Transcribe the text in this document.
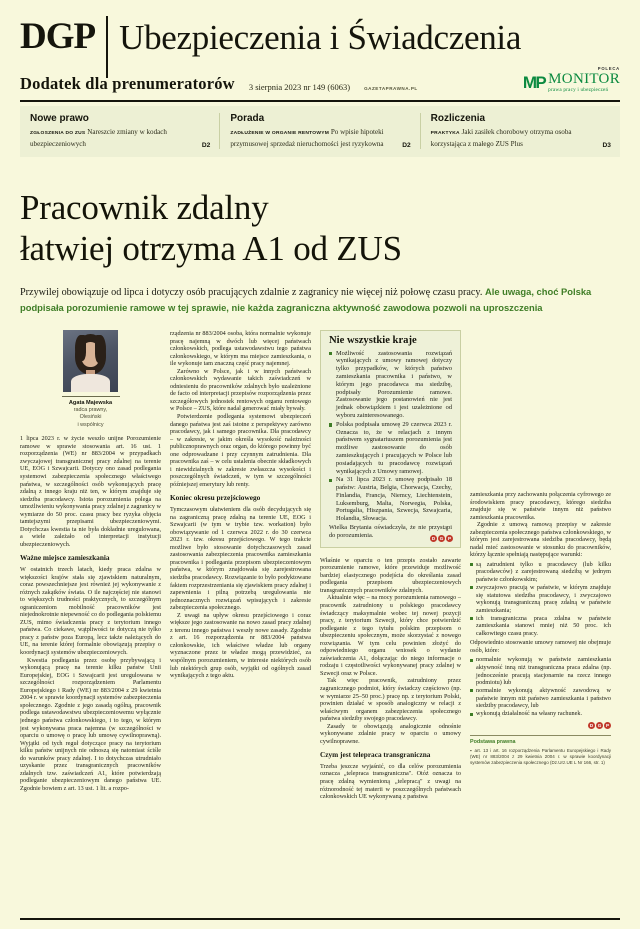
DGP Ubezpieczenia i Świadczenia
Dodatek dla prenumeratorów 3 sierpnia 2023 nr 149 (6063)	GAZETAPRAWNA.PL
POLECA
MP MONITOR
prawa pracy i ubezpieczeń
Nowe prawo
ZGŁOSZENIA DO ZUS Nareszcie zmiany w kodach ubezpieczeniowych	D2
Porada
ZADŁUŻENIE W ORGANIE RENTOWYM Po wpisie hipoteki przymusowej sprzedaż nieruchomości jest ryzykowna	D2
Rozliczenia
PRAKTYKA Jaki zasiłek chorobowy otrzyma osoba korzystająca z małego ZUS Plus	D3
Pracownik zdalny
łatwiej otrzyma A1 od ZUS
Przywilej obowiązuje od lipca i dotyczy osób pracujących zdalnie z zagranicy nie więcej niż połowę czasu pracy. Ale uwaga, choć Polska podpisała porozumienie ramowe w tej sprawie, nie każda zagraniczna aktywność zawodowa pozwoli na uproszczenia
Agata Majewska
radca prawny,
Olesiński
i wspólnicy

1 lipca 2023 r. w życie weszło unijne Porozumienie ramowe w sprawie stosowania art. 16 ust. 1 rozporządzenia (WE) nr 883/2004 w przypadkach zwyczajowej transgranicznej pracy zdalnej na terenie UE, EOG i Szwajcarii. Dotyczy ono zasad podlegania systemowi zabezpieczenia społecznego właściwego państwa, w szczególności osób wykonujących pracę zdalną z innego kraju niż ten, w którym znajduje się siedziba pracodawcy. Istota porozumienia polega na umożliwieniu wykonywania pracy zdalnej z zagranicy w wymiarze do 50 proc. czasu pracy bez ryzyka objęcia tamtejszymi przepisami ubezpieczeniowymi. Dotychczas kwestia ta nie była dokładnie uregulowana, a wiele zależało od interpretacji instytucji ubezpieczeniowych.

Ważne miejsce zamieszkania

W ostatnich trzech latach, kiedy praca zdalna w większości krajów stała się zjawiskiem naturalnym, coraz powszechniejsze jest również jej wykonywanie z różnych zakątków świata. O ile najczęściej nie stanowi to większych trudności praktycznych, to szczególnym ograniczeniom mobilność pracowników jest niejednokrotnie niepewność co do podlegania polskiemu ZUS, mimo świadczenia pracy z terytorium innego państwa. Co ciekawe, wątpliwości te dotyczą nie tylko pracy z państw poza Europą, lecz także należących do UE, na terenie której formalnie obowiązują przepisy o koordynacji systemów ubezpieczeniowych.

Kwestia podlegania przez osobę przybywającą i wykonującą pracę na terenie kilku państw Unii Europejskiej, EOG i Szwajcarii jest uregulowana w szczególności rozporządzeniem Parlamentu Europejskiego i Rady (WE) nr 883/2004 z 29 kwietnia 2004 r. w sprawie koordynacji systemów zabezpieczenia społecznego. Zgodnie z jego zasadą ogólną, pracownik podlega ustawodawstwu ubezpieczeniowemu wyłącznie jednego państwa członkowskiego, i to tego, w którym jest wykonywana praca najemna (w szczególności w oparciu o umowę o pracę lub umowę cywilnoprawną). Wyjątki od tych reguł dotyczące pracy na terytorium kilku państw unijnych nie odnoszą się natomiast ściśle do warunków pracy zdalnej. I to dotychczas utrudniało uzyskanie przez transgranicznych pracowników zdalnych tzw. zaświadczeń A1, które potwierdzają podleganie ubezpieczeniowym danego państwa UE. Zgodnie bowiem z art. 13 ust. 1 lit. a rozpo-

rządzenia nr 883/2004 osoba, która normalnie wykonuje pracę najemną w dwóch lub więcej państwach członkowskich, podlega ustawodawstwu tego państwa członkowskiego, w którym ma miejsce zamieszkania, o ile wykonuje tam znaczną część pracy najemnej.

Zarówno w Polsce, jak i w innych państwach członkowskich wydawanie takich zaświadczeń w odniesieniu do pracowników zdalnych było uzależnione de facto od interpretacji przepisów rozporządzenia przez szczegółowych jednostek rentowych organu rentowego w Polsce – ZUS, które nadal generować miały bywały.

Potwierdzenie podlegania systemowi ubezpieczeń danego państwa jest zaś istotne z perspektywy zarówno pracodawcy, jak i samego pracownika. Dla pracodawcy – w zakresie, w jakim określa wysokość należności publicznoprawnych oraz organ, do którego powinny być one odprowadzane i przy czynnym zatrudnienia. Dla pracownika zaś – w celu ustalenia obecnie składkowych i niewidzialnych w zakresie zwłaszcza wysokości i poszczególnych świadczeń, w tym w szczególności późniejszej emerytury lub renty.

Koniec okresu przejściowego

Tymczasowym ułatwieniem dla osób decydujących się na zagraniczną pracę zdalną na terenie UE, EOG i Szwajcarii (w tym w trybie tzw. workation) było obowiązywanie od 1 czerwca 2022 r. do 30 czerwca 2023 r. tzw. okresu przejściowego. W tego trakcie możliwe było stosowanie dotychczasowych zasad zastosowania zabezpieczenia pracownika zamieszkania pracownika i podlegania przepisom ubezpieczeniowym państwa, w którym znajdowała się zarejestrowana siedziba pracodawcy. Rozwiązanie to było podyktowane faktem rozprzestrzeniania się zjawiskiem pracy zdalnej i zapewnienia i pilną potrzebą uregulowania nie jednoznacznych rozwiązań wpisujących i zakresie zabezpieczenia społecznego.

Z uwagi na upływ okresu przejściowego i coraz większe jego zastosowanie na nowo zasad pracy zdalnej z terenu innego państwa i weszły nowe zasady. Zgodnie z art. 16 rozporządzenia nr 883/2004 państwa członkowskie, ich właściwe władze lub organy wyznaczone przez te władze mogą przewidzieć, za wspólnym porozumieniem, w interesie niektórych osób lub niektórych grup osób, wyjątki od ogólnych zasad wynikających z tego aktu.

Nie wszystkie kraje
Możliwość zastosowania rozwiązań wynikających z umowy ramowej dotyczy tylko przypadków, w których państwo zamieszkania pracownika i państwo, w którym jego pracodawca ma siedzibę, podpisały Porozumienie ramowe. Zastosowanie jego postanowień nie jest jednak obowiązkiem i jest uzależnione od wyboru zainteresowanego.
Polska podpisała umowę 29 czerwca 2023 r. Oznacza to, że w relacjach z innym państwem sygnatariuszem porozumienia jest możliwe zastosowanie do osób zamieszkujących i pracujących w Polsce lub posiadających tu pracodawcę rozwiązań wynikających z Umowy ramowej.
Na 31 lipca 2023 r. umowę podpisało 18 państw: Austria, Belgia, Chorwacja, Czechy, Finlandia, Francja, Niemcy, Liechtenstein, Luksemburg, Malta, Norwegia, Polska, Portugalia, Hiszpania, Szwecja, Szwajcaria, Holandia, Słowacja.
Wielka Brytania oświadczyła, że nie przystąpi do porozumienia.	D G	P

Właśnie w oparciu o ten przepis zostało zawarte porozumienie ramowe, które przewiduje możliwość bardziej elastycznego podejścia do określania zasad podlegania przepisom ubezpieczeniowych transgranicznych pracowników zdalnych.

Aktualnie więc – na mocy porozumienia ramowego – pracownik zatrudniony u polskiego pracodawcy świadczący maksymalnie wobec tej nowej pozycji pracy, z terytorium Szwecji, który chce potwierdzić podleganie z tego tytułu polskim przepisom o ubezpieczeniu społecznym, może skorzystać z nowego rozwiązania. W tym celu powinien złożyć do odpowiedniego organu wniosek o wydanie zaświadczenia A1, dołączając do niego informacje o rodzaju i częstotliwości wykonywanej pracy zdalnej w Szwecji oraz w Polsce.

Tak więc pracownik, zatrudniony przez zagranicznego podmiot, który świadczy częściowo (np. w wymiarze 25–50 proc.) pracę np. z terytorium Polski, powinien działać w sposób analogiczny w relacji z właściwym organem zabezpieczenia społecznego państwa siedziby swojego pracodawcy.

Zasady te obowiązują analogicznie odnośnie wykonywane zdalnie pracy w oparciu o umowy cywilnoprawne.

Czym jest telepraca transgraniczna

Trzeba jeszcze wyjaśnić, co dla celów porozumienia oznacza „telepraca transgraniczna". Otóż oznacza to pracę zdalną wymienioną „telepracą" z uwagi na różnorodność tej materii w poszczególnych państwach członkowskich UE wykonywaną z państwa

zamieszkania przy zachowaniu połączenia cyfrowego ze środowiskiem pracy pracodawcy, którego siedziba znajduje się w państwie innym niż państwo zamieszkania pracownika.

Zgodnie z umową ramową przepisy w zakresie zabezpieczenia społecznego państwa członkowskiego, w którym jest zarejestrowana siedziba pracodawcy, będą nadal mieć zastosowanie w stosunku do pracowników, którzy łącznie spełniają następujące warunki:

są zatrudnieni tylko u pracodawcy (lub kilku pracodawców) z zarejestrowaną siedzibą w jednym państwie członkowskim;
zwyczajowo pracują w państwie, w którym znajduje się statutowa siedziba pracodawcy, i zwyczajowo wykonują transgraniczną pracę zdalną w państwie zamieszkania;
ich transgraniczna praca zdalna w państwie zamieszkania stanowi mniej niż 50 proc. ich całkowitego czasu pracy.

Odpowiednio stosowanie umowy ramowej nie obejmuje osób, które:

normalnie wykonują w państwie zamieszkania aktywność inną niż transgraniczna praca zdalna (np. jednocześnie pracują stacjonarnie na rzecz innego podmiotu) lub
normalnie wykonują aktywność zawodową w państwie innym niż państwo zamieszkania i państwo siedziby pracodawcy, lub
wykonują działalność na własny rachunek.
D G	P
Podstawa prawna
▪ art. 13 i art. 16 rozporządzenia Parlamentu Europejskiego i Rady (WE) nr 883/2004 z 29 kwietnia 2004 r. w sprawie koordynacji systemów zabezpieczenia społecznego (Dz.Urz.UE L Nr 166, str. 1)
